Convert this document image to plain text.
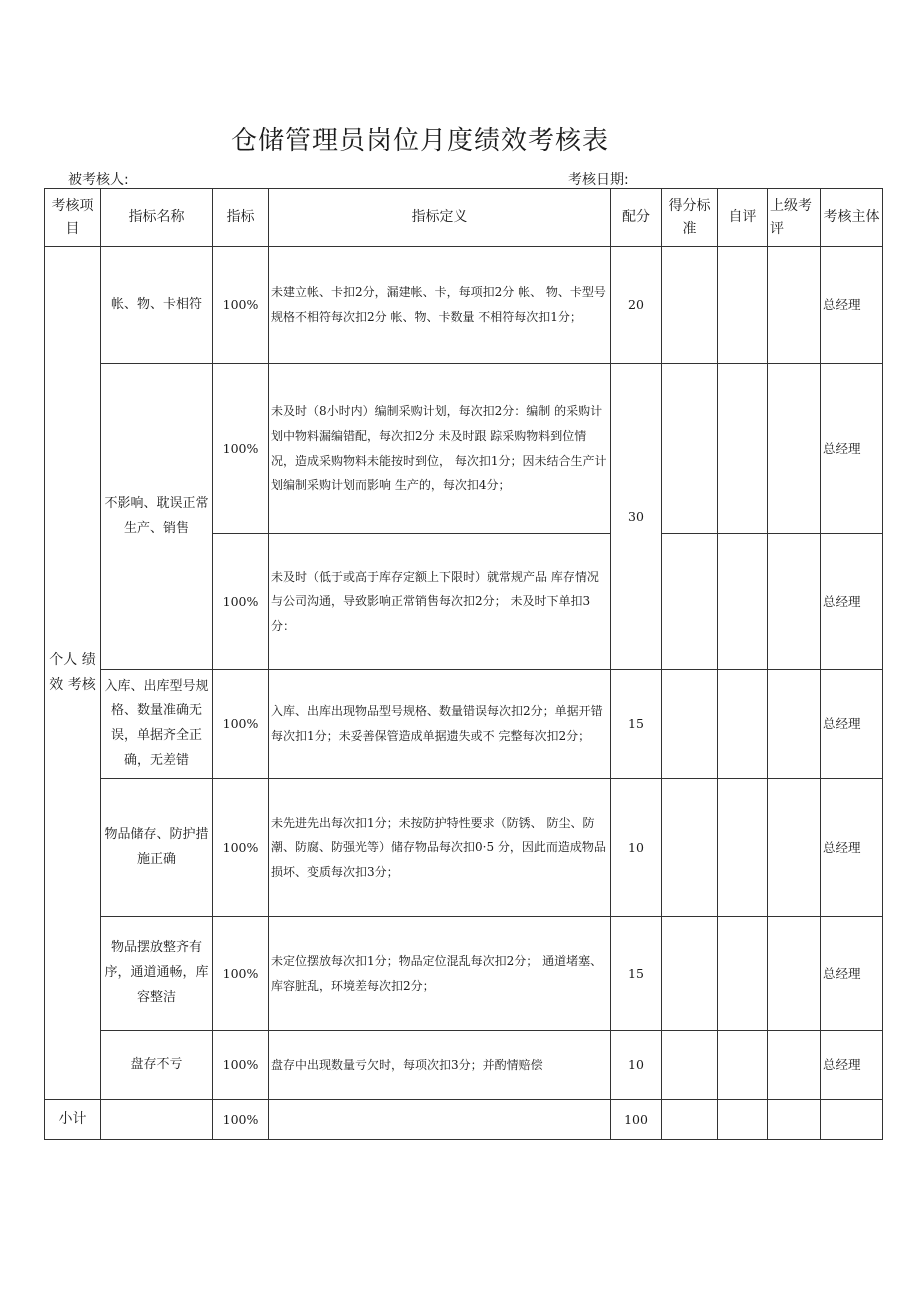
仓储管理员岗位月度绩效考核表
被考核人:	考核日期:
考核项目	指标名称	指标	指标定义	配分	得分标准	自评	上级考评	考核主体
个人 绩效 考核	帐、物、卡相符	100%	未建立帐、卡扣2分，漏建帐、卡，每项扣2分 帐、 物、卡型号规格不相符每次扣2分 帐、物、卡数量 不相符每次扣1分；	20				总经理
	不影响、耽误正常生产、销售	100%	未及时（8小时内）编制采购计划，每次扣2分：编制 的采购计划中物料漏编错配，每次扣2分 未及时跟 踪采购物料到位情况，造成采购物料未能按时到位， 每次扣1分；因未结合生产计划编制采购计划而影响 生产的，每次扣4分；	30				总经理
		100%	未及时（低于或高于库存定额上下限时）就常规产品 库存情况与公司沟通，导致影响正常销售每次扣2分； 未及时下单扣3分：					总经理
	入库、出库型号规格、数量准确无误，单据齐全正确，无差错	100%	入库、出库出现物品型号规格、数量错误每次扣2分；单据开错每次扣1分；未妥善保管造成单据遗失或不 完整每次扣2分；	15				总经理
	物品储存、防护措施正确	100%	未先进先出每次扣1分；未按防护特性要求（防锈、 防尘、防潮、防腐、防强光等）储存物品每次扣0·5 分，因此而造成物品损坏、变质每次扣3分；	10				总经理
	物品摆放整齐有序，通道通畅，库容整洁	100%	未定位摆放每次扣1分；物品定位混乱每次扣2分； 通道堵塞、库容脏乱，环境差每次扣2分；	15				总经理
	盘存不亏	100%	盘存中出现数量亏欠时，每项次扣3分；并酌情赔偿	10				总经理
小计		100%		100				
